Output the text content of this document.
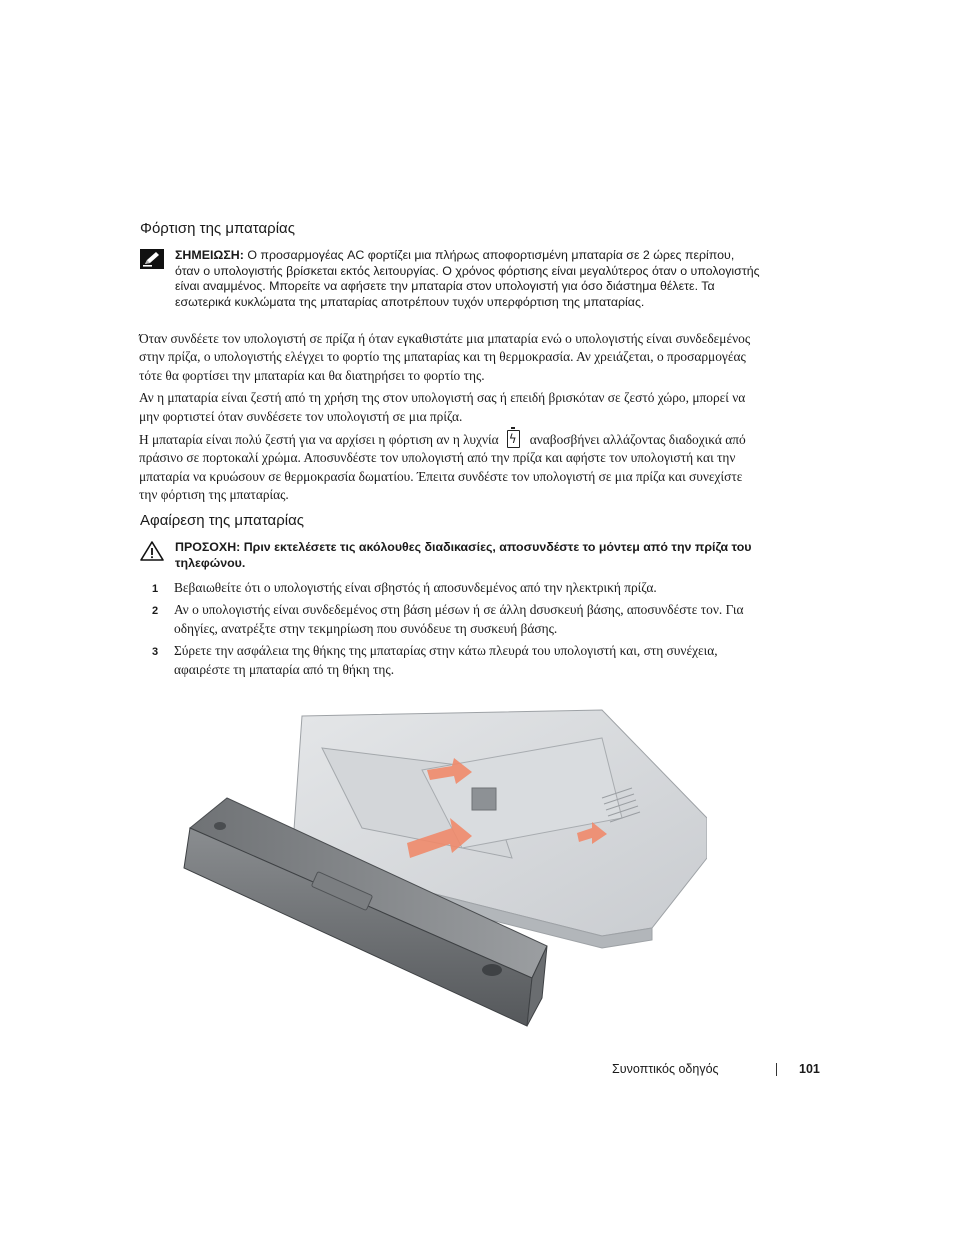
Φόρτιση της μπαταρίας
ΣΗΜΕΙΩΣΗ: Ο προσαρμογέας AC φορτίζει μια πλήρως αποφορτισμένη μπαταρία σε 2 ώρες περίπου, όταν ο υπολογιστής βρίσκεται εκτός λειτουργίας. Ο χρόνος φόρτισης είναι μεγαλύτερος όταν ο υπολογιστής είναι αναμμένος. Μπορείτε να αφήσετε την μπαταρία στον υπολογιστή για όσο διάστημα θέλετε. Τα εσωτερικά κυκλώματα της μπαταρίας αποτρέπουν τυχόν υπερφόρτιση της μπαταρίας.

Όταν συνδέετε τον υπολογιστή σε πρίζα ή όταν εγκαθιστάτε μια μπαταρία ενώ ο υπολογιστής είναι συνδεδεμένος στην πρίζα, ο υπολογιστής ελέγχει το φορτίο της μπαταρίας και τη θερμοκρασία. Αν χρειάζεται, ο προσαρμογέας τότε θα φορτίσει την μπαταρία και θα διατηρήσει το φορτίο της.

Αν η μπαταρία είναι ζεστή από τη χρήση της στον υπολογιστή σας ή επειδή βρισκόταν σε ζεστό χώρο, μπορεί να μην φορτιστεί όταν συνδέσετε τον υπολογιστή σε μια πρίζα.

Η μπαταρία είναι πολύ ζεστή για να αρχίσει η φόρτιση αν η λυχνίαϟ αναβοσβήνει αλλάζοντας διαδοχικά από πράσινο σε πορτοκαλί χρώμα. Αποσυνδέστε τον υπολογιστή από την πρίζα και αφήστε τον υπολογιστή και την μπαταρία να κρυώσουν σε θερμοκρασία δωματίου. Έπειτα συνδέστε τον υπολογιστή σε μια πρίζα και συνεχίστε την φόρτιση της μπαταρίας.

Αφαίρεση της μπαταρίας
ΠΡΟΣΟΧΗ: Πριν εκτελέσετε τις ακόλουθες διαδικασίες, αποσυνδέστε το μόντεμ από την πρίζα του τηλεφώνου.
1 Βεβαιωθείτε ότι ο υπολογιστής είναι σβηστός ή αποσυνδεμένος από την ηλεκτρική πρίζα.
2 Αν ο υπολογιστής είναι συνδεδεμένος στη βάση μέσων ή σε άλλη dσυσκευή βάσης, αποσυνδέστε τον. Για οδηγίες, ανατρέξτε στην τεκμηρίωση που συνόδευε τη συσκευή βάσης.
3 Σύρετε την ασφάλεια της θήκης της μπαταρίας στην κάτω πλευρά του υπολογιστή και, στη συνέχεια, αφαιρέστε τη μπαταρία από τη θήκη της.
Συνοπτικός οδηγός	101
